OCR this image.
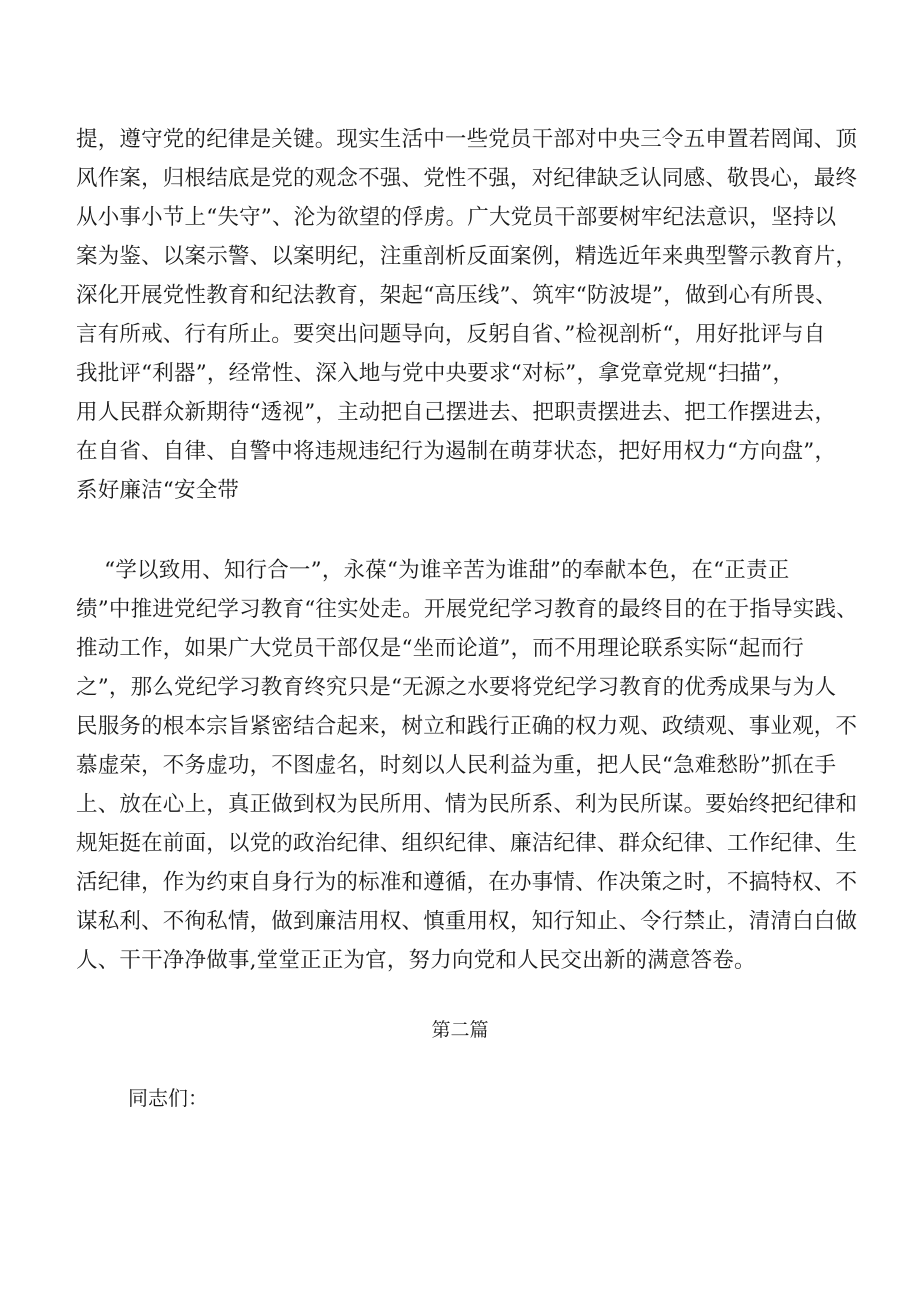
提，遵守党的纪律是关键。现实生活中一些党员干部对中央三令五申置若罔闻、顶
风作案，归根结底是党的观念不强、党性不强，对纪律缺乏认同感、敬畏心，最终
从小事小节上“失守”、沦为欲望的俘虏。广大党员干部要树牢纪法意识，坚持以
案为鉴、以案示警、以案明纪，注重剖析反面案例，精选近年来典型警示教育片，
深化开展党性教育和纪法教育，架起“高压线”、筑牢“防波堤”，做到心有所畏、
言有所戒、行有所止。要突出问题导向，反躬自省、”检视剖析“，用好批评与自
我批评“利器”，经常性、深入地与党中央要求“对标”，拿党章党规“扫描”，
用人民群众新期待“透视”，主动把自己摆进去、把职责摆进去、把工作摆进去，
在自省、自律、自警中将违规违纪行为遏制在萌芽状态，把好用权力“方向盘”，
系好廉洁“安全带
“学以致用、知行合一”，永葆“为谁辛苦为谁甜”的奉献本色，在“正责正
绩”中推进党纪学习教育“往实处走。开展党纪学习教育的最终目的在于指导实践、
推动工作，如果广大党员干部仅是“坐而论道”，而不用理论联系实际“起而行
之”，那么党纪学习教育终究只是“无源之水要将党纪学习教育的优秀成果与为人
民服务的根本宗旨紧密结合起来，树立和践行正确的权力观、政绩观、事业观，不
慕虚荣，不务虚功，不图虚名，时刻以人民利益为重，把人民“急难愁盼”抓在手
上、放在心上，真正做到权为民所用、情为民所系、利为民所谋。要始终把纪律和
规矩挺在前面，以党的政治纪律、组织纪律、廉洁纪律、群众纪律、工作纪律、生
活纪律，作为约束自身行为的标准和遵循，在办事情、作决策之时，不搞特权、不
谋私利、不徇私情，做到廉洁用权、慎重用权，知行知止、令行禁止，清清白白做
人、干干净净做事,堂堂正正为官，努力向党和人民交出新的满意答卷。
第二篇
同志们：
